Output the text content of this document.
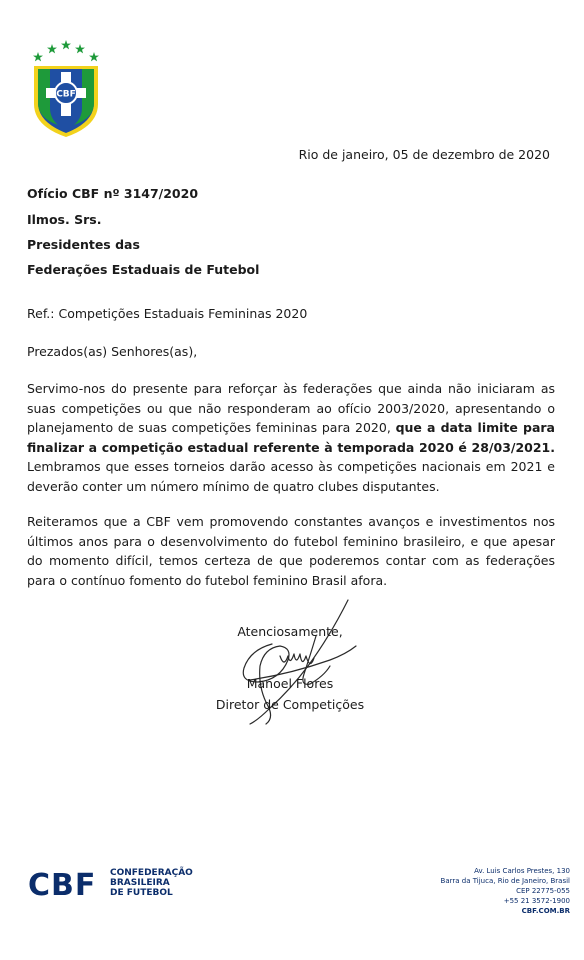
CBF
Rio de janeiro, 05 de dezembro de 2020
Ofício CBF nº 3147/2020
Ilmos. Srs.
Presidentes das
Federações Estaduais de Futebol
Ref.: Competições Estaduais Femininas 2020
Prezados(as) Senhores(as),

Servimo-nos do presente para reforçar às federações que ainda não iniciaram as suas competições ou que não responderam ao ofício 2003/2020, apresentando o planejamento de suas competições femininas para 2020, que a data limite para finalizar a competição estadual referente à temporada 2020 é 28/03/2021. Lembramos que esses torneios darão acesso às competições nacionais em 2021 e deverão conter um número mínimo de quatro clubes disputantes.

Reiteramos que a CBF vem promovendo constantes avanços e investimentos nos últimos anos para o desenvolvimento do futebol feminino brasileiro, e que apesar do momento difícil, temos certeza de que poderemos contar com as federações para o contínuo fomento do futebol feminino Brasil afora.

Atenciosamente,
Manoel Flores
Diretor de Competições
CBF CONFEDERAÇÃO
BRASILEIRA
DE FUTEBOL
Av. Luis Carlos Prestes, 130
Barra da Tijuca, Rio de Janeiro, Brasil
CEP 22775-055
+55 21 3572-1900
CBF.COM.BR
